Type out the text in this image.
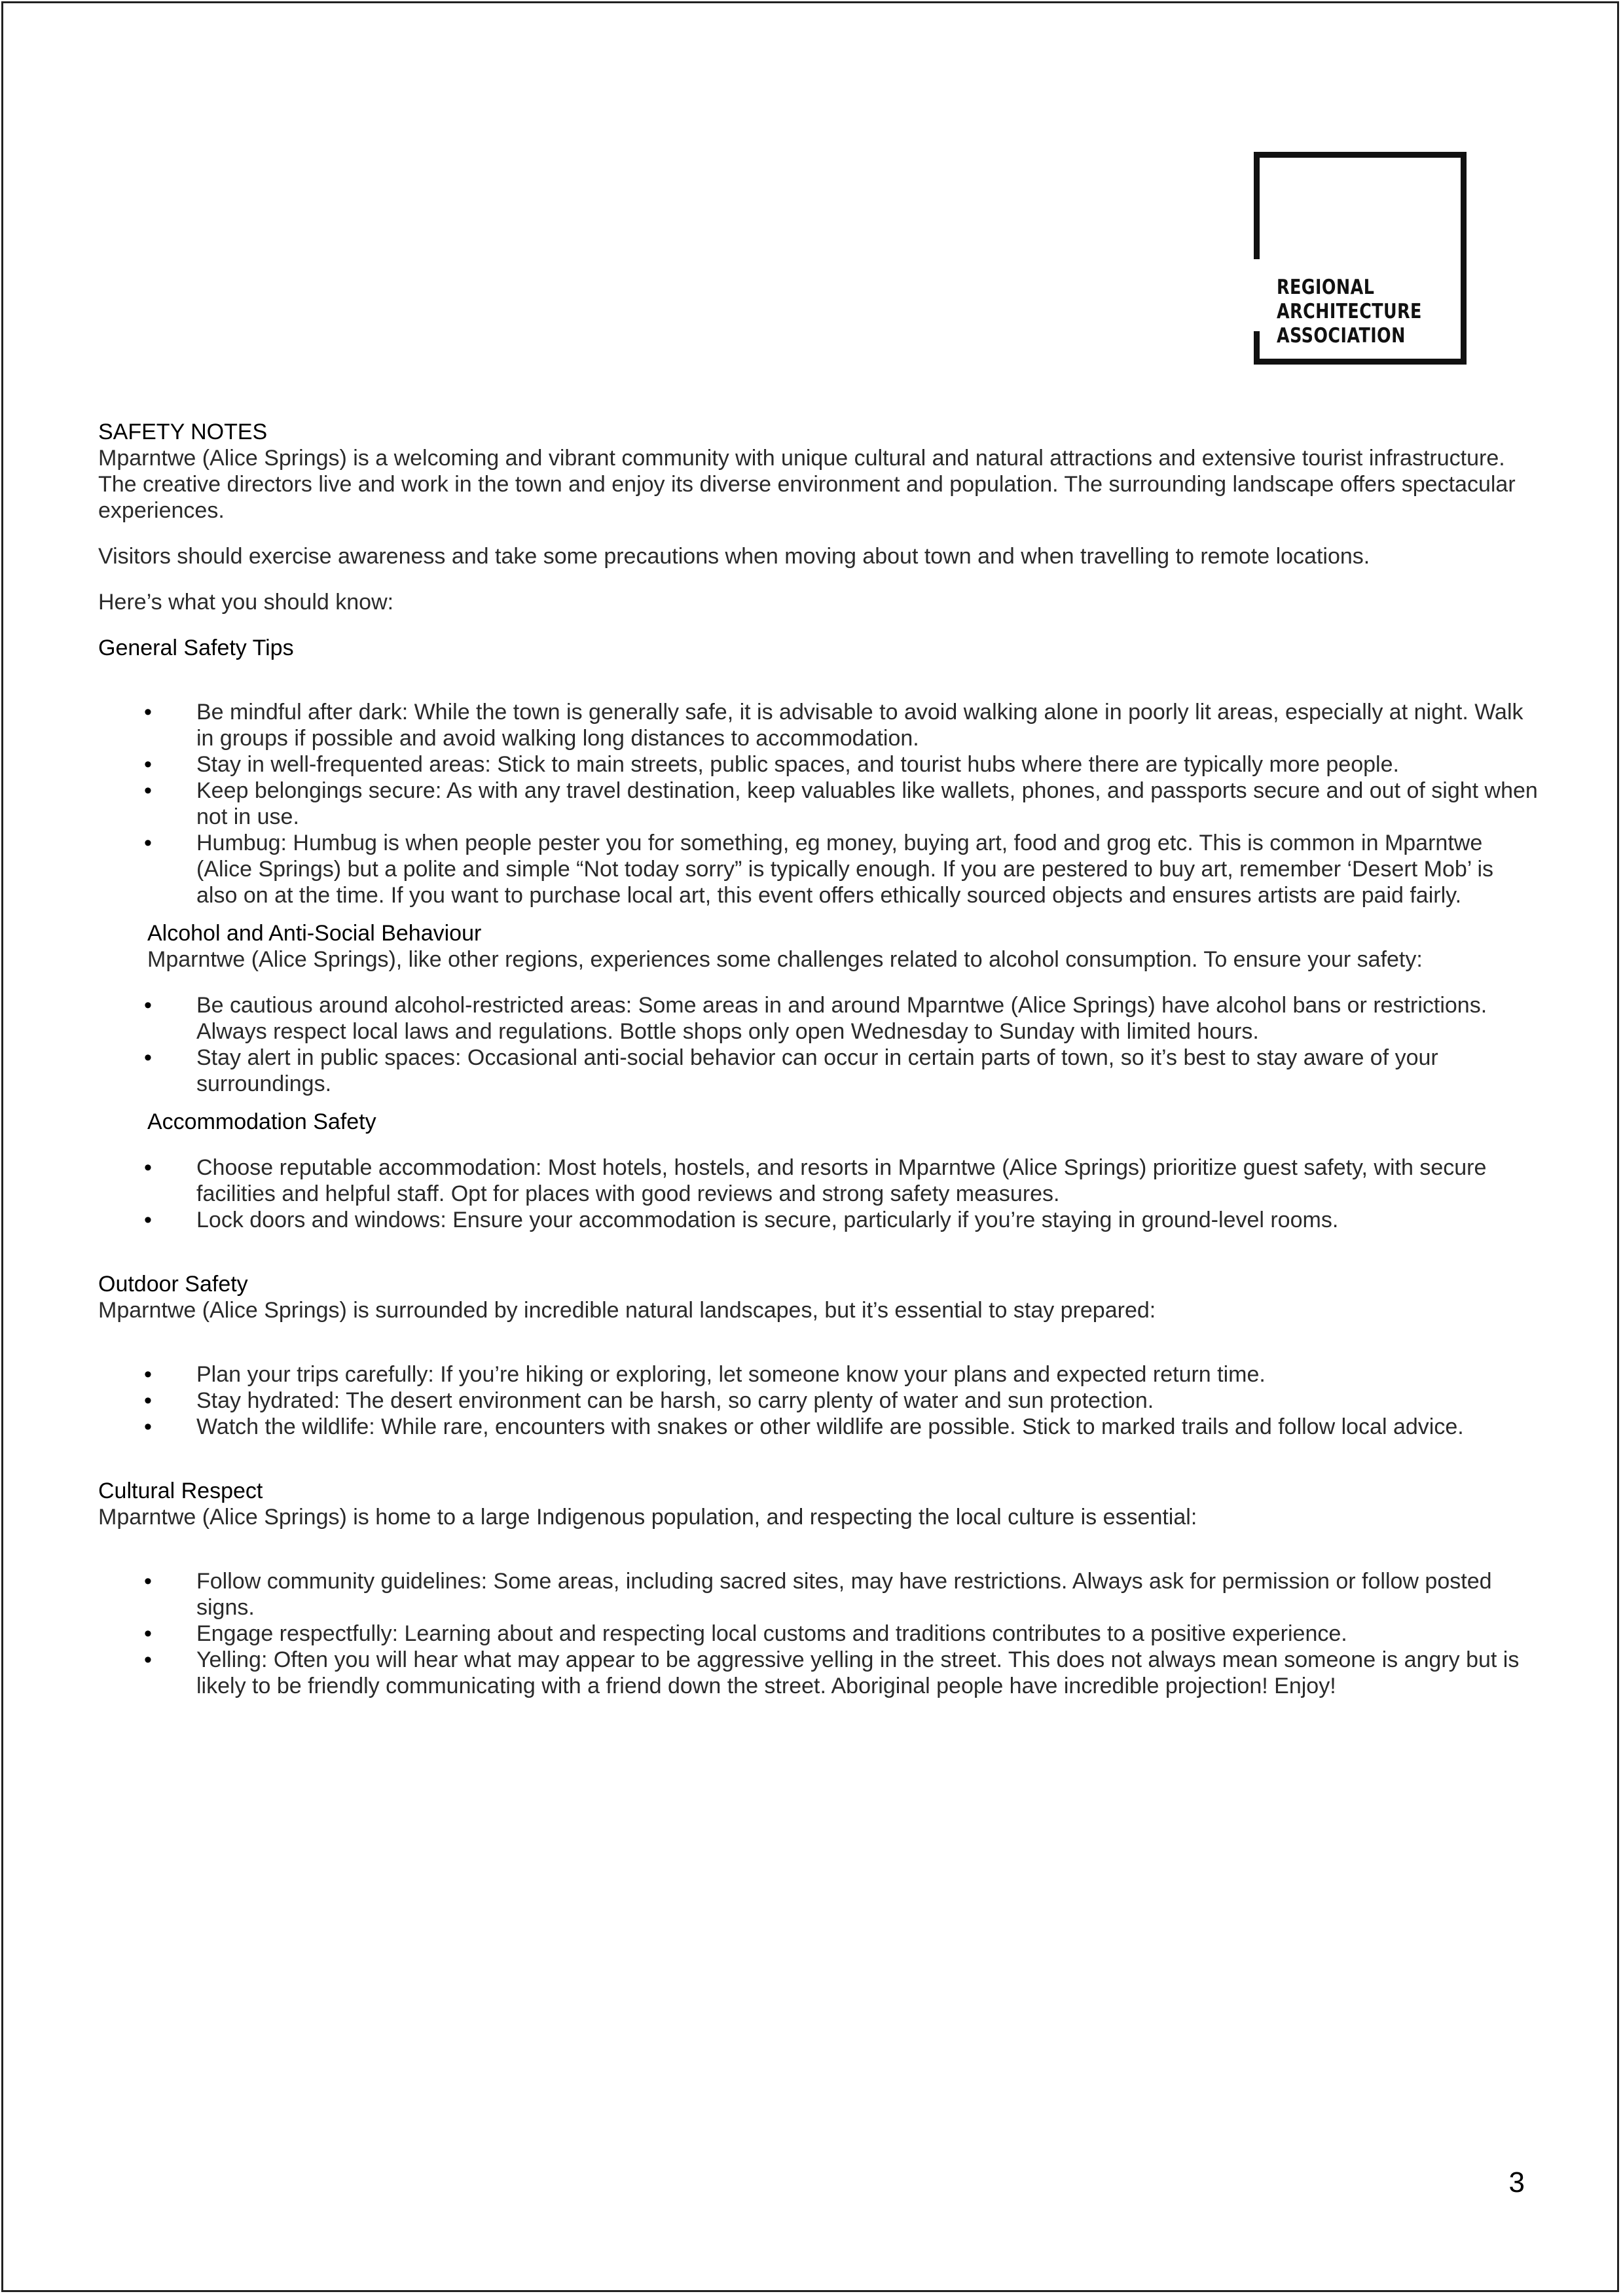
REGIONAL
ARCHITECTURE
ASSOCIATION
SAFETY NOTES

Mparntwe (Alice Springs) is a welcoming and vibrant community with unique cultural and natural attractions and extensive tourist infrastructure. The creative directors live and work in the town and enjoy its diverse environment and population. The surrounding landscape offers spectacular experiences.

Visitors should exercise awareness and take some precautions when moving about town and when travelling to remote locations.

Here’s what you should know:

General Safety Tips
• Be mindful after dark: While the town is generally safe, it is advisable to avoid walking alone in poorly lit areas, especially at night. Walk in groups if possible and avoid walking long distances to accommodation.
• Stay in well-frequented areas: Stick to main streets, public spaces, and tourist hubs where there are typically more people.
• Keep belongings secure: As with any travel destination, keep valuables like wallets, phones, and passports secure and out of sight when not in use.
• Humbug: Humbug is when people pester you for something, eg money, buying art, food and grog etc. This is common in Mparntwe (Alice Springs) but a polite and simple “Not today sorry” is typically enough. If you are pestered to buy art, remember ‘Desert Mob’ is also on at the time. If you want to purchase local art, this event offers ethically sourced objects and ensures artists are paid fairly.
Alcohol and Anti-Social Behaviour

Mparntwe (Alice Springs), like other regions, experiences some challenges related to alcohol consumption. To ensure your safety:

• Be cautious around alcohol-restricted areas: Some areas in and around Mparntwe (Alice Springs) have alcohol bans or restrictions. Always respect local laws and regulations. Bottle shops only open Wednesday to Sunday with limited hours.
• Stay alert in public spaces: Occasional anti-social behavior can occur in certain parts of town, so it’s best to stay aware of your surroundings.
Accommodation Safety
• Choose reputable accommodation: Most hotels, hostels, and resorts in Mparntwe (Alice Springs) prioritize guest safety, with secure facilities and helpful staff. Opt for places with good reviews and strong safety measures.
• Lock doors and windows: Ensure your accommodation is secure, particularly if you’re staying in ground-level rooms.
Outdoor Safety

Mparntwe (Alice Springs) is surrounded by incredible natural landscapes, but it’s essential to stay prepared:

• Plan your trips carefully: If you’re hiking or exploring, let someone know your plans and expected return time.
• Stay hydrated: The desert environment can be harsh, so carry plenty of water and sun protection.
• Watch the wildlife: While rare, encounters with snakes or other wildlife are possible. Stick to marked trails and follow local advice.
Cultural Respect

Mparntwe (Alice Springs) is home to a large Indigenous population, and respecting the local culture is essential:

• Follow community guidelines: Some areas, including sacred sites, may have restrictions. Always ask for permission or follow posted signs.
• Engage respectfully: Learning about and respecting local customs and traditions contributes to a positive experience.
• Yelling: Often you will hear what may appear to be aggressive yelling in the street. This does not always mean someone is angry but is likely to be friendly communicating with a friend down the street. Aboriginal people have incredible projection! Enjoy!
3
